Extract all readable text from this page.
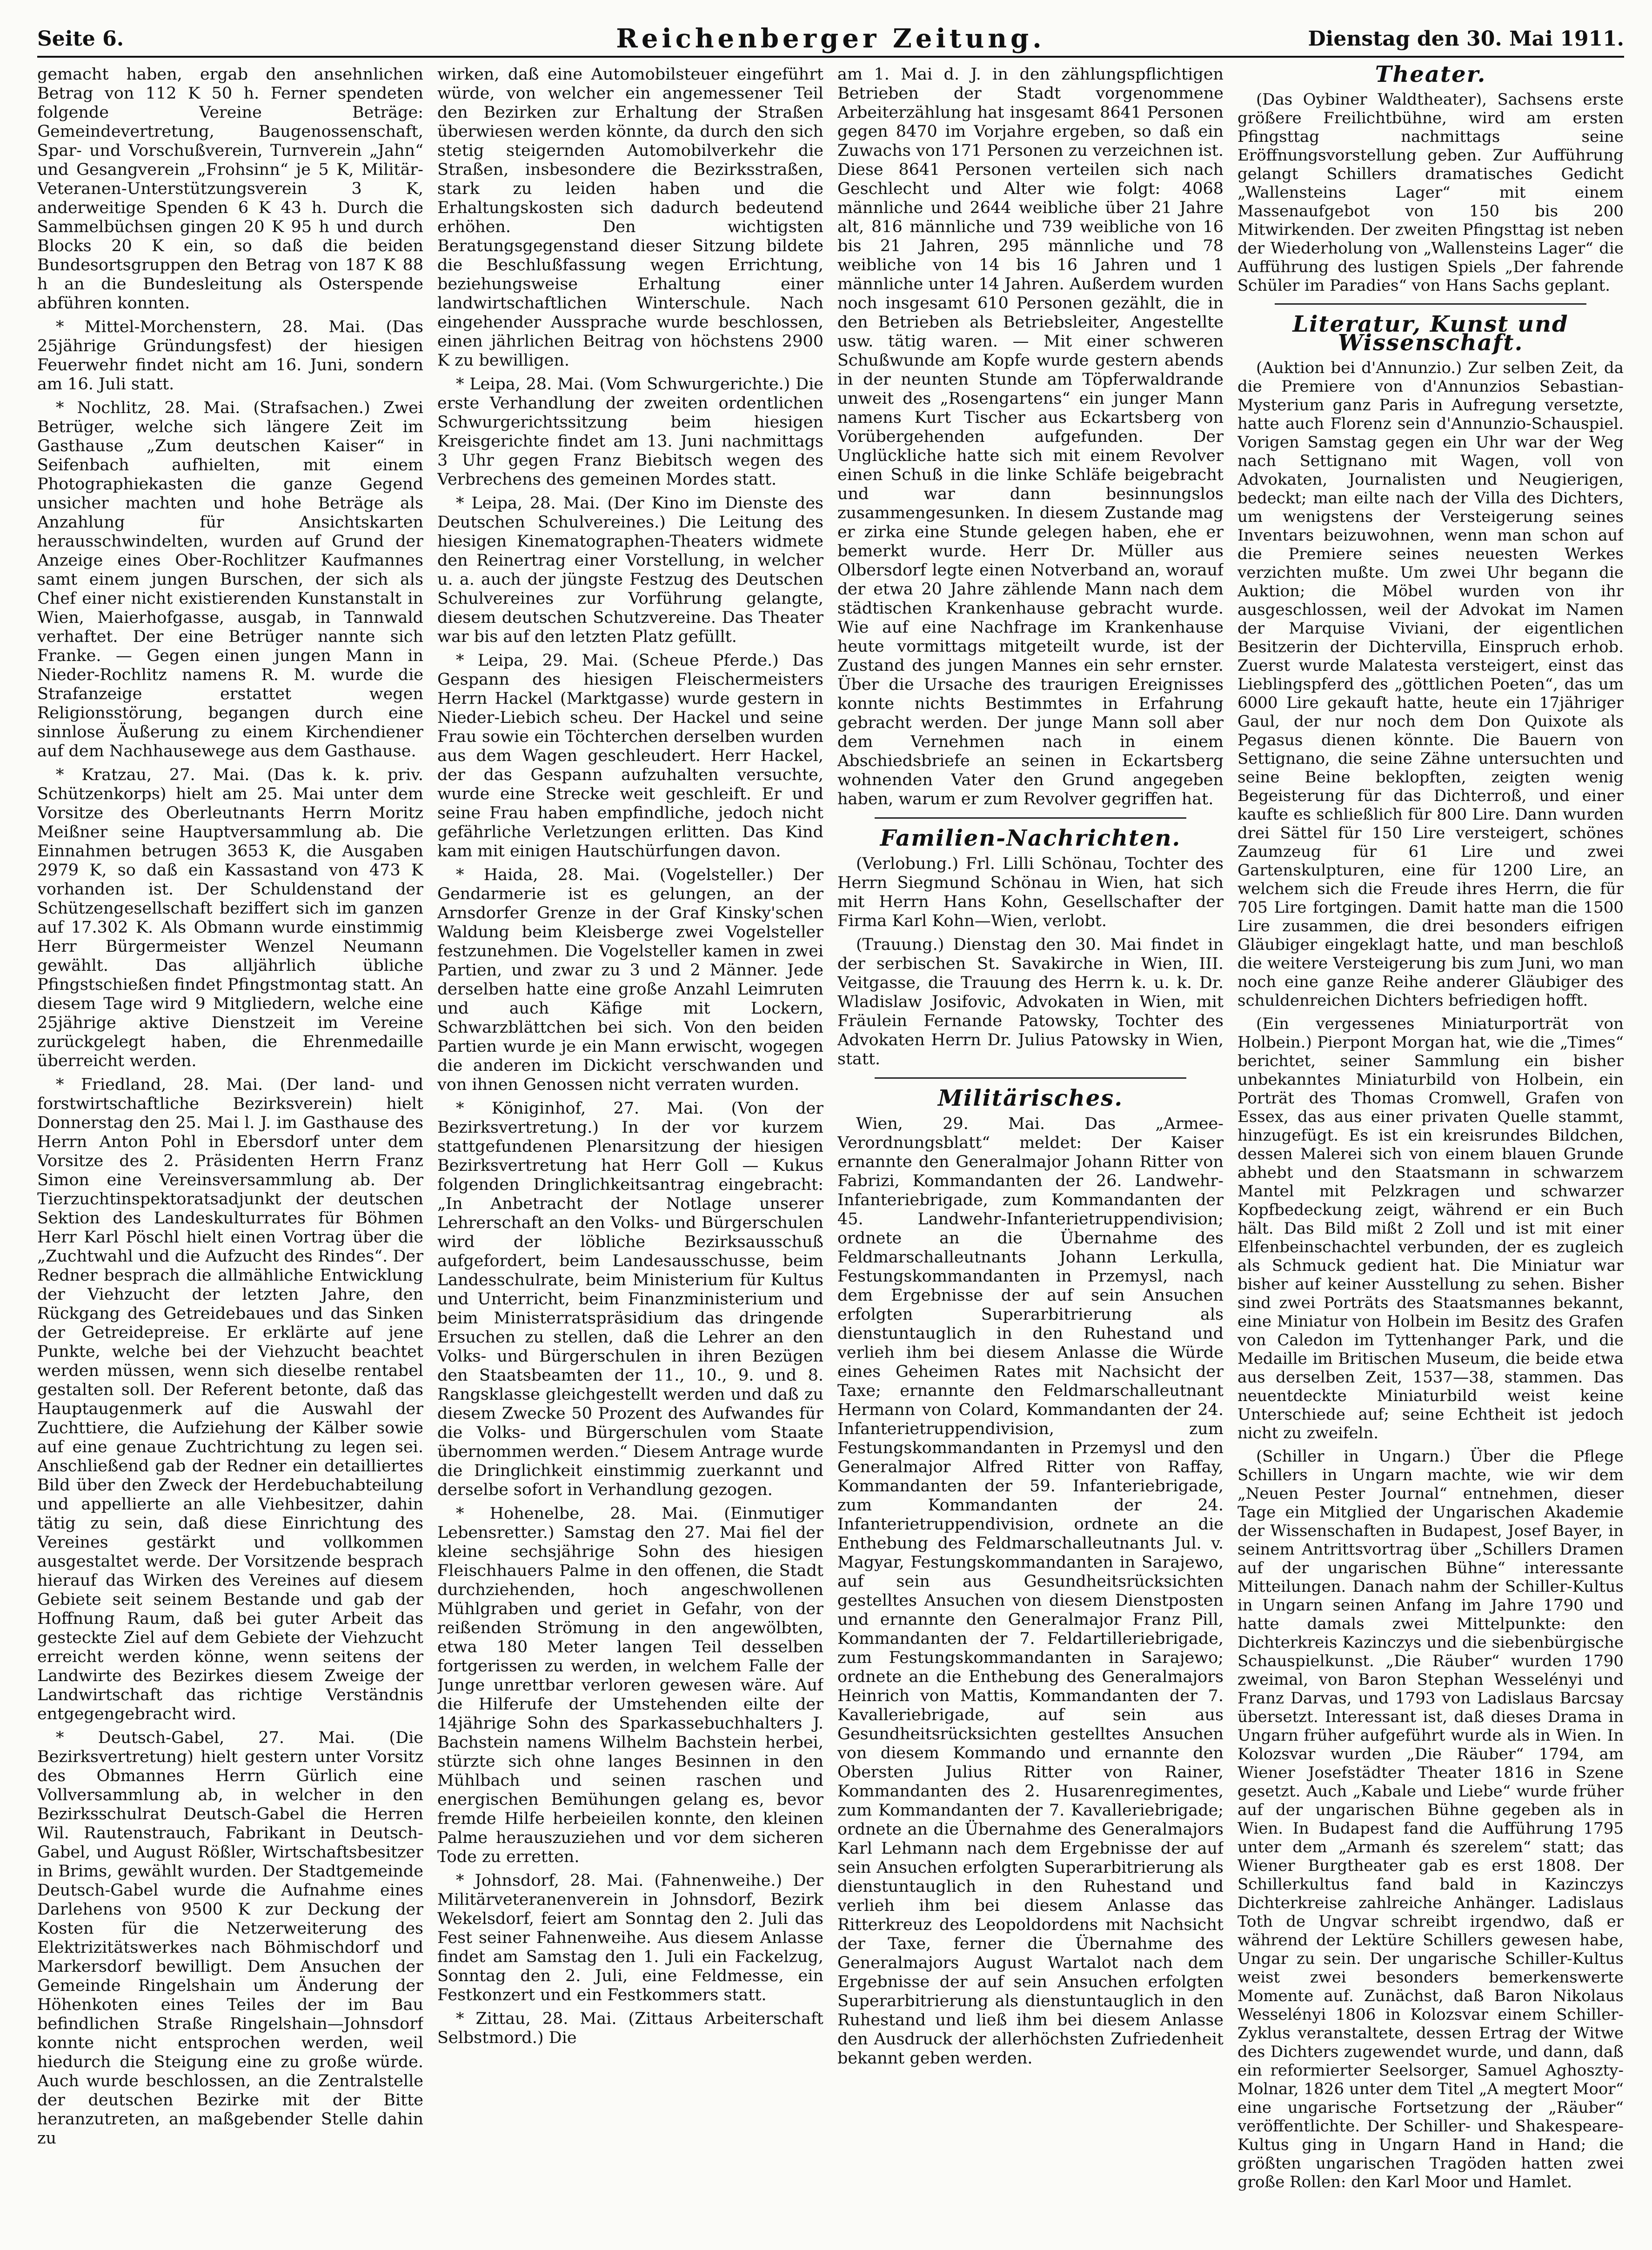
Seite 6.	Reichenberger Zeitung.	Dienstag den 30. Mai 1911.

gemacht haben, ergab den ansehnlichen Betrag von 112 K 50 h. Ferner spendeten folgende Vereine Beträge: Gemeindevertretung, Baugenossenschaft, Spar- und Vorschußverein, Turnverein „Jahn“ und Gesangverein „Frohsinn“ je 5 K, Militär-Veteranen-Unterstützungsverein 3 K, anderweitige Spenden 6 K 43 h. Durch die Sammelbüchsen gingen 20 K 95 h und durch Blocks 20 K ein, so daß die beiden Bundesortsgruppen den Betrag von 187 K 88 h an die Bundesleitung als Osterspende abführen konnten.

* Mittel-Morchenstern, 28. Mai. (Das 25jährige Gründungsfest) der hiesigen Feuerwehr findet nicht am 16. Juni, sondern am 16. Juli statt.

* Nochlitz, 28. Mai. (Strafsachen.) Zwei Betrüger, welche sich längere Zeit im Gasthause „Zum deutschen Kaiser“ in Seifenbach aufhielten, mit einem Photographiekasten die ganze Gegend unsicher machten und hohe Beträge als Anzahlung für Ansichtskarten herausschwindelten, wurden auf Grund der Anzeige eines Ober-Rochlitzer Kaufmannes samt einem jungen Burschen, der sich als Chef einer nicht existierenden Kunstanstalt in Wien, Maierhofgasse, ausgab, in Tannwald verhaftet. Der eine Betrüger nannte sich Franke. — Gegen einen jungen Mann in Nieder-Rochlitz namens R. M. wurde die Strafanzeige erstattet wegen Religionsstörung, begangen durch eine sinnlose Äußerung zu einem Kirchendiener auf dem Nachhausewege aus dem Gasthause.

* Kratzau, 27. Mai. (Das k. k. priv. Schützenkorps) hielt am 25. Mai unter dem Vorsitze des Oberleutnants Herrn Moritz Meißner seine Hauptversammlung ab. Die Einnahmen betrugen 3653 K, die Ausgaben 2979 K, so daß ein Kassastand von 473 K vorhanden ist. Der Schuldenstand der Schützengesellschaft beziffert sich im ganzen auf 17.302 K. Als Obmann wurde einstimmig Herr Bürgermeister Wenzel Neumann gewählt. Das alljährlich übliche Pfingstschießen findet Pfingstmontag statt. An diesem Tage wird 9 Mitgliedern, welche eine 25jährige aktive Dienstzeit im Vereine zurückgelegt haben, die Ehrenmedaille überreicht werden.

* Friedland, 28. Mai. (Der land- und forstwirtschaftliche Bezirksverein) hielt Donnerstag den 25. Mai l. J. im Gasthause des Herrn Anton Pohl in Ebersdorf unter dem Vorsitze des 2. Präsidenten Herrn Franz Simon eine Vereinsversammlung ab. Der Tierzuchtinspektoratsadjunkt der deutschen Sektion des Landeskulturrates für Böhmen Herr Karl Pöschl hielt einen Vortrag über die „Zuchtwahl und die Aufzucht des Rindes“. Der Redner besprach die allmähliche Entwicklung der Viehzucht der letzten Jahre, den Rückgang des Getreidebaues und das Sinken der Getreidepreise. Er erklärte auf jene Punkte, welche bei der Viehzucht beachtet werden müssen, wenn sich dieselbe rentabel gestalten soll. Der Referent betonte, daß das Hauptaugenmerk auf die Auswahl der Zuchttiere, die Aufziehung der Kälber sowie auf eine genaue Zuchtrichtung zu legen sei. Anschließend gab der Redner ein detailliertes Bild über den Zweck der Herdebuchabteilung und appellierte an alle Viehbesitzer, dahin tätig zu sein, daß diese Einrichtung des Vereines gestärkt und vollkommen ausgestaltet werde. Der Vorsitzende besprach hierauf das Wirken des Vereines auf diesem Gebiete seit seinem Bestande und gab der Hoffnung Raum, daß bei guter Arbeit das gesteckte Ziel auf dem Gebiete der Viehzucht erreicht werden könne, wenn seitens der Landwirte des Bezirkes diesem Zweige der Landwirtschaft das richtige Verständnis entgegengebracht wird.

* Deutsch-Gabel, 27. Mai. (Die Bezirksvertretung) hielt gestern unter Vorsitz des Obmannes Herrn Gürlich eine Vollversammlung ab, in welcher in den Bezirksschulrat Deutsch-Gabel die Herren Wil. Rautenstrauch, Fabrikant in Deutsch-Gabel, und August Rößler, Wirtschaftsbesitzer in Brims, gewählt wurden. Der Stadtgemeinde Deutsch-Gabel wurde die Aufnahme eines Darlehens von 9500 K zur Deckung der Kosten für die Netzerweiterung des Elektrizitätswerkes nach Böhmischdorf und Markersdorf bewilligt. Dem Ansuchen der Gemeinde Ringelshain um Änderung der Höhenkoten eines Teiles der im Bau befindlichen Straße Ringelshain—Johnsdorf konnte nicht entsprochen werden, weil hiedurch die Steigung eine zu große würde. Auch wurde beschlossen, an die Zentralstelle der deutschen Bezirke mit der Bitte heranzutreten, an maßgebender Stelle dahin zu

wirken, daß eine Automobilsteuer eingeführt würde, von welcher ein angemessener Teil den Bezirken zur Erhaltung der Straßen überwiesen werden könnte, da durch den sich stetig steigernden Automobilverkehr die Straßen, insbesondere die Bezirksstraßen, stark zu leiden haben und die Erhaltungskosten sich dadurch bedeutend erhöhen. Den wichtigsten Beratungsgegenstand dieser Sitzung bildete die Beschlußfassung wegen Errichtung, beziehungsweise Erhaltung einer landwirtschaftlichen Winterschule. Nach eingehender Aussprache wurde beschlossen, einen jährlichen Beitrag von höchstens 2900 K zu bewilligen.

* Leipa, 28. Mai. (Vom Schwurgerichte.) Die erste Verhandlung der zweiten ordentlichen Schwurgerichtssitzung beim hiesigen Kreisgerichte findet am 13. Juni nachmittags 3 Uhr gegen Franz Biebitsch wegen des Verbrechens des gemeinen Mordes statt.

* Leipa, 28. Mai. (Der Kino im Dienste des Deutschen Schulvereines.) Die Leitung des hiesigen Kinematographen-Theaters widmete den Reinertrag einer Vorstellung, in welcher u. a. auch der jüngste Festzug des Deutschen Schulvereines zur Vorführung gelangte, diesem deutschen Schutzvereine. Das Theater war bis auf den letzten Platz gefüllt.

* Leipa, 29. Mai. (Scheue Pferde.) Das Gespann des hiesigen Fleischermeisters Herrn Hackel (Marktgasse) wurde gestern in Nieder-Liebich scheu. Der Hackel und seine Frau sowie ein Töchterchen derselben wurden aus dem Wagen geschleudert. Herr Hackel, der das Gespann aufzuhalten versuchte, wurde eine Strecke weit geschleift. Er und seine Frau haben empfindliche, jedoch nicht gefährliche Verletzungen erlitten. Das Kind kam mit einigen Hautschürfungen davon.

* Haida, 28. Mai. (Vogelsteller.) Der Gendarmerie ist es gelungen, an der Arnsdorfer Grenze in der Graf Kinsky'schen Waldung beim Kleisberge zwei Vogelsteller festzunehmen. Die Vogelsteller kamen in zwei Partien, und zwar zu 3 und 2 Männer. Jede derselben hatte eine große Anzahl Leimruten und auch Käfige mit Lockern, Schwarzblättchen bei sich. Von den beiden Partien wurde je ein Mann erwischt, wogegen die anderen im Dickicht verschwanden und von ihnen Genossen nicht verraten wurden.

* Königinhof, 27. Mai. (Von der Bezirksvertretung.) In der vor kurzem stattgefundenen Plenarsitzung der hiesigen Bezirksvertretung hat Herr Goll — Kukus folgenden Dringlichkeitsantrag eingebracht: „In Anbetracht der Notlage unserer Lehrerschaft an den Volks- und Bürgerschulen wird der löbliche Bezirksausschuß aufgefordert, beim Landesausschusse, beim Landesschulrate, beim Ministerium für Kultus und Unterricht, beim Finanzministerium und beim Ministerratspräsidium das dringende Ersuchen zu stellen, daß die Lehrer an den Volks- und Bürgerschulen in ihren Bezügen den Staatsbeamten der 11., 10., 9. und 8. Rangsklasse gleichgestellt werden und daß zu diesem Zwecke 50 Prozent des Aufwandes für die Volks- und Bürgerschulen vom Staate übernommen werden.“ Diesem Antrage wurde die Dringlichkeit einstimmig zuerkannt und derselbe sofort in Verhandlung gezogen.

* Hohenelbe, 28. Mai. (Einmutiger Lebensretter.) Samstag den 27. Mai fiel der kleine sechsjährige Sohn des hiesigen Fleischhauers Palme in den offenen, die Stadt durchziehenden, hoch angeschwollenen Mühlgraben und geriet in Gefahr, von der reißenden Strömung in den angewölbten, etwa 180 Meter langen Teil desselben fortgerissen zu werden, in welchem Falle der Junge unrettbar verloren gewesen wäre. Auf die Hilferufe der Umstehenden eilte der 14jährige Sohn des Sparkassebuchhalters J. Bachstein namens Wilhelm Bachstein herbei, stürzte sich ohne langes Besinnen in den Mühlbach und seinen raschen und energischen Bemühungen gelang es, bevor fremde Hilfe herbeieilen konnte, den kleinen Palme herauszuziehen und vor dem sicheren Tode zu erretten.

* Johnsdorf, 28. Mai. (Fahnenweihe.) Der Militärveteranenverein in Johnsdorf, Bezirk Wekelsdorf, feiert am Sonntag den 2. Juli das Fest seiner Fahnenweihe. Aus diesem Anlasse findet am Samstag den 1. Juli ein Fackelzug, Sonntag den 2. Juli, eine Feldmesse, ein Festkonzert und ein Festkommers statt.

* Zittau, 28. Mai. (Zittaus Arbeiterschaft Selbstmord.) Die

am 1. Mai d. J. in den zählungspflichtigen Betrieben der Stadt vorgenommene Arbeiterzählung hat insgesamt 8641 Personen gegen 8470 im Vorjahre ergeben, so daß ein Zuwachs von 171 Personen zu verzeichnen ist. Diese 8641 Personen verteilen sich nach Geschlecht und Alter wie folgt: 4068 männliche und 2644 weibliche über 21 Jahre alt, 816 männliche und 739 weibliche von 16 bis 21 Jahren, 295 männliche und 78 weibliche von 14 bis 16 Jahren und 1 männliche unter 14 Jahren. Außerdem wurden noch insgesamt 610 Personen gezählt, die in den Betrieben als Betriebsleiter, Angestellte usw. tätig waren. — Mit einer schweren Schußwunde am Kopfe wurde gestern abends in der neunten Stunde am Töpferwaldrande unweit des „Rosengartens“ ein junger Mann namens Kurt Tischer aus Eckartsberg von Vorübergehenden aufgefunden. Der Unglückliche hatte sich mit einem Revolver einen Schuß in die linke Schläfe beigebracht und war dann besinnungslos zusammengesunken. In diesem Zustande mag er zirka eine Stunde gelegen haben, ehe er bemerkt wurde. Herr Dr. Müller aus Olbersdorf legte einen Notverband an, worauf der etwa 20 Jahre zählende Mann nach dem städtischen Krankenhause gebracht wurde. Wie auf eine Nachfrage im Krankenhause heute vormittags mitgeteilt wurde, ist der Zustand des jungen Mannes ein sehr ernster. Über die Ursache des traurigen Ereignisses konnte nichts Bestimmtes in Erfahrung gebracht werden. Der junge Mann soll aber dem Vernehmen nach in einem Abschiedsbriefe an seinen in Eckartsberg wohnenden Vater den Grund angegeben haben, warum er zum Revolver gegriffen hat.

Familien-Nachrichten.

(Verlobung.) Frl. Lilli Schönau, Tochter des Herrn Siegmund Schönau in Wien, hat sich mit Herrn Hans Kohn, Gesellschafter der Firma Karl Kohn—Wien, verlobt.

(Trauung.) Dienstag den 30. Mai findet in der serbischen St. Savakirche in Wien, III. Veitgasse, die Trauung des Herrn k. u. k. Dr. Wladislaw Josifovic, Advokaten in Wien, mit Fräulein Fernande Patowsky, Tochter des Advokaten Herrn Dr. Julius Patowsky in Wien, statt.

Militärisches.

Wien, 29. Mai. Das „Armee-Verordnungsblatt“ meldet: Der Kaiser ernannte den Generalmajor Johann Ritter von Fabrizi, Kommandanten der 26. Landwehr-Infanteriebrigade, zum Kommandanten der 45. Landwehr-Infanterietruppendivision; ordnete an die Übernahme des Feldmarschalleutnants Johann Lerkulla, Festungskommandanten in Przemysl, nach dem Ergebnisse der auf sein Ansuchen erfolgten Superarbitrierung als dienstuntauglich in den Ruhestand und verlieh ihm bei diesem Anlasse die Würde eines Geheimen Rates mit Nachsicht der Taxe; ernannte den Feldmarschalleutnant Hermann von Colard, Kommandanten der 24. Infanterietruppendivision, zum Festungskommandanten in Przemysl und den Generalmajor Alfred Ritter von Raffay, Kommandanten der 59. Infanteriebrigade, zum Kommandanten der 24. Infanterietruppendivision, ordnete an die Enthebung des Feldmarschalleutnants Jul. v. Magyar, Festungskommandanten in Sarajewo, auf sein aus Gesundheitsrücksichten gestelltes Ansuchen von diesem Dienstposten und ernannte den Generalmajor Franz Pill, Kommandanten der 7. Feldartilleriebrigade, zum Festungskommandanten in Sarajewo; ordnete an die Enthebung des Generalmajors Heinrich von Mattis, Kommandanten der 7. Kavalleriebrigade, auf sein aus Gesundheitsrücksichten gestelltes Ansuchen von diesem Kommando und ernannte den Obersten Julius Ritter von Rainer, Kommandanten des 2. Husarenregimentes, zum Kommandanten der 7. Kavalleriebrigade; ordnete an die Übernahme des Generalmajors Karl Lehmann nach dem Ergebnisse der auf sein Ansuchen erfolgten Superarbitrierung als dienstuntauglich in den Ruhestand und verlieh ihm bei diesem Anlasse das Ritterkreuz des Leopoldordens mit Nachsicht der Taxe, ferner die Übernahme des Generalmajors August Wartalot nach dem Ergebnisse der auf sein Ansuchen erfolgten Superarbitrierung als dienstuntauglich in den Ruhestand und ließ ihm bei diesem Anlasse den Ausdruck der allerhöchsten Zufriedenheit bekannt geben werden.

Theater.

(Das Oybiner Waldtheater), Sachsens erste größere Freilichtbühne, wird am ersten Pfingsttag nachmittags seine Eröffnungsvorstellung geben. Zur Aufführung gelangt Schillers dramatisches Gedicht „Wallensteins Lager“ mit einem Massenaufgebot von 150 bis 200 Mitwirkenden. Der zweiten Pfingsttag ist neben der Wiederholung von „Wallensteins Lager“ die Aufführung des lustigen Spiels „Der fahrende Schüler im Paradies“ von Hans Sachs geplant.

Literatur, Kunst und Wissenschaft.

(Auktion bei d'Annunzio.) Zur selben Zeit, da die Premiere von d'Annunzios Sebastian-Mysterium ganz Paris in Aufregung versetzte, hatte auch Florenz sein d'Annunzio-Schauspiel. Vorigen Samstag gegen ein Uhr war der Weg nach Settignano mit Wagen, voll von Advokaten, Journalisten und Neugierigen, bedeckt; man eilte nach der Villa des Dichters, um wenigstens der Versteigerung seines Inventars beizuwohnen, wenn man schon auf die Premiere seines neuesten Werkes verzichten mußte. Um zwei Uhr begann die Auktion; die Möbel wurden von ihr ausgeschlossen, weil der Advokat im Namen der Marquise Viviani, der eigentlichen Besitzerin der Dichtervilla, Einspruch erhob. Zuerst wurde Malatesta versteigert, einst das Lieblingspferd des „göttlichen Poeten“, das um 6000 Lire gekauft hatte, heute ein 17jähriger Gaul, der nur noch dem Don Quixote als Pegasus dienen könnte. Die Bauern von Settignano, die seine Zähne untersuchten und seine Beine beklopften, zeigten wenig Begeisterung für das Dichterroß, und einer kaufte es schließlich für 800 Lire. Dann wurden drei Sättel für 150 Lire versteigert, schönes Zaumzeug für 61 Lire und zwei Gartenskulpturen, eine für 1200 Lire, an welchem sich die Freude ihres Herrn, die für 705 Lire fortgingen. Damit hatte man die 1500 Lire zusammen, die drei besonders eifrigen Gläubiger eingeklagt hatte, und man beschloß die weitere Versteigerung bis zum Juni, wo man noch eine ganze Reihe anderer Gläubiger des schuldenreichen Dichters befriedigen hofft.

(Ein vergessenes Miniaturporträt von Holbein.) Pierpont Morgan hat, wie die „Times“ berichtet, seiner Sammlung ein bisher unbekanntes Miniaturbild von Holbein, ein Porträt des Thomas Cromwell, Grafen von Essex, das aus einer privaten Quelle stammt, hinzugefügt. Es ist ein kreisrundes Bildchen, dessen Malerei sich von einem blauen Grunde abhebt und den Staatsmann in schwarzem Mantel mit Pelzkragen und schwarzer Kopfbedeckung zeigt, während er ein Buch hält. Das Bild mißt 2 Zoll und ist mit einer Elfenbeinschachtel verbunden, der es zugleich als Schmuck gedient hat. Die Miniatur war bisher auf keiner Ausstellung zu sehen. Bisher sind zwei Porträts des Staatsmannes bekannt, eine Miniatur von Holbein im Besitz des Grafen von Caledon im Tyttenhanger Park, und die Medaille im Britischen Museum, die beide etwa aus derselben Zeit, 1537—38, stammen. Das neuentdeckte Miniaturbild weist keine Unterschiede auf; seine Echtheit ist jedoch nicht zu zweifeln.

(Schiller in Ungarn.) Über die Pflege Schillers in Ungarn machte, wie wir dem „Neuen Pester Journal“ entnehmen, dieser Tage ein Mitglied der Ungarischen Akademie der Wissenschaften in Budapest, Josef Bayer, in seinem Antrittsvortrag über „Schillers Dramen auf der ungarischen Bühne“ interessante Mitteilungen. Danach nahm der Schiller-Kultus in Ungarn seinen Anfang im Jahre 1790 und hatte damals zwei Mittelpunkte: den Dichterkreis Kazinczys und die siebenbürgische Schauspielkunst. „Die Räuber“ wurden 1790 zweimal, von Baron Stephan Wesselényi und Franz Darvas, und 1793 von Ladislaus Barcsay übersetzt. Interessant ist, daß dieses Drama in Ungarn früher aufgeführt wurde als in Wien. In Kolozsvar wurden „Die Räuber“ 1794, am Wiener Josefstädter Theater 1816 in Szene gesetzt. Auch „Kabale und Liebe“ wurde früher auf der ungarischen Bühne gegeben als in Wien. In Budapest fand die Aufführung 1795 unter dem „Armanh és szerelem“ statt; das Wiener Burgtheater gab es erst 1808. Der Schillerkultus fand bald in Kazinczys Dichterkreise zahlreiche Anhänger. Ladislaus Toth de Ungvar schreibt irgendwo, daß er während der Lektüre Schillers gewesen habe, Ungar zu sein. Der ungarische Schiller-Kultus weist zwei besonders bemerkenswerte Momente auf. Zunächst, daß Baron Nikolaus Wesselényi 1806 in Kolozsvar einem Schiller-Zyklus veranstaltete, dessen Ertrag der Witwe des Dichters zugewendet wurde, und dann, daß ein reformierter Seelsorger, Samuel Aghoszty-Molnar, 1826 unter dem Titel „A megtert Moor“ eine ungarische Fortsetzung der „Räuber“ veröffentlichte. Der Schiller- und Shakespeare-Kultus ging in Ungarn Hand in Hand; die größten ungarischen Tragöden hatten zwei große Rollen: den Karl Moor und Hamlet.
